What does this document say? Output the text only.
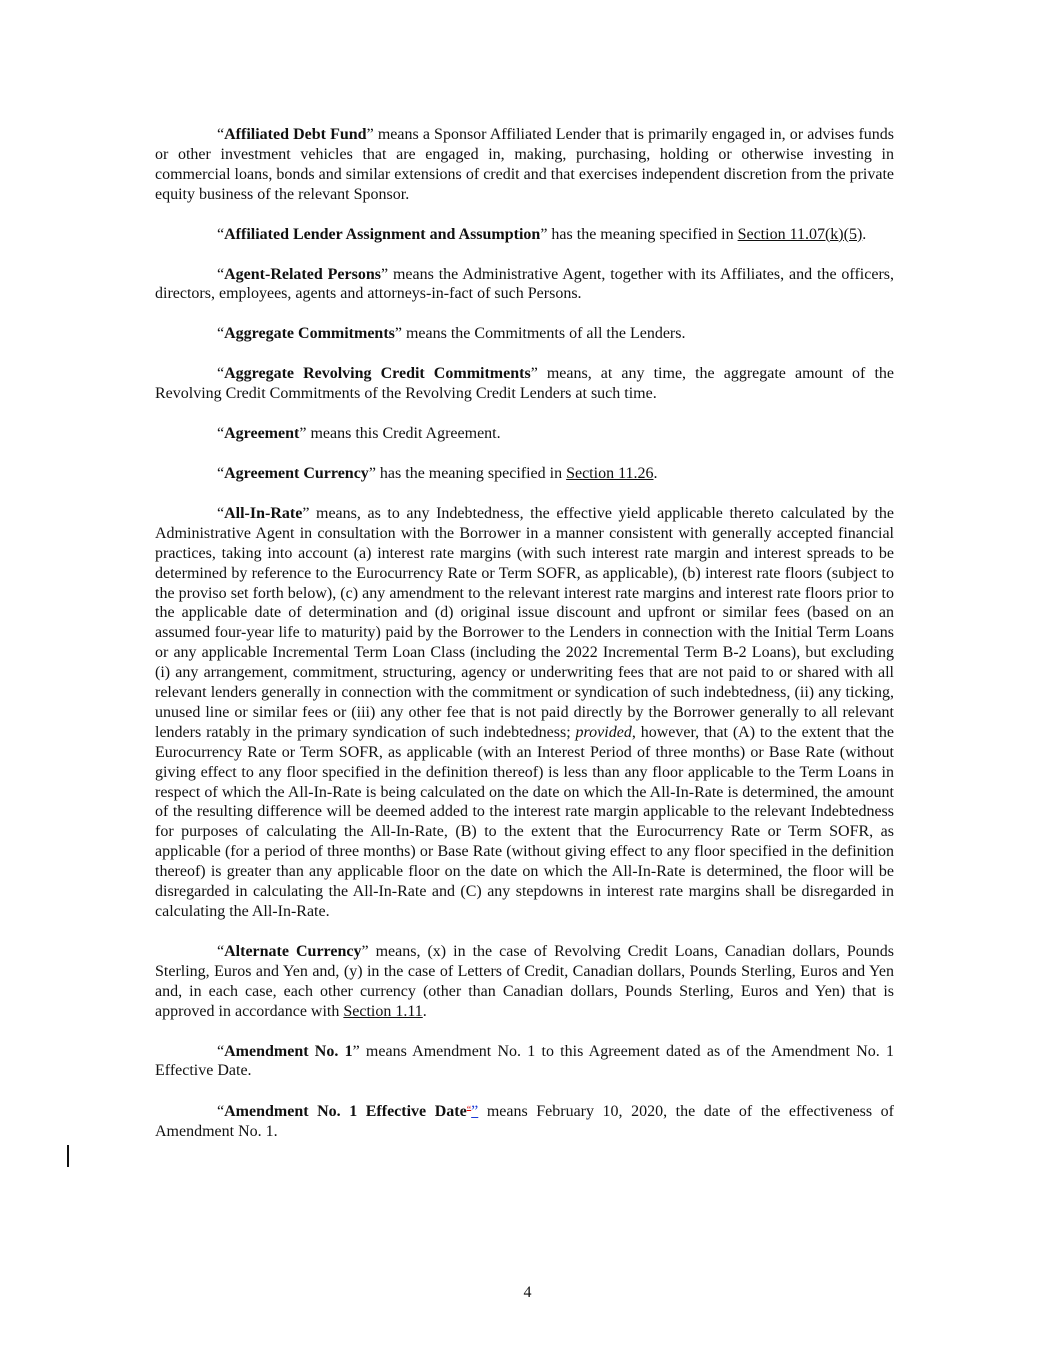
“Affiliated Debt Fund” means a Sponsor Affiliated Lender that is primarily engaged in, or advises funds or other investment vehicles that are engaged in, making, purchasing, holding or otherwise investing in commercial loans, bonds and similar extensions of credit and that exercises independent discretion from the private equity business of the relevant Sponsor.

“Affiliated Lender Assignment and Assumption” has the meaning specified in Section 11.07(k)(5).

“Agent-Related Persons” means the Administrative Agent, together with its Affiliates, and the officers, directors, employees, agents and attorneys-in-fact of such Persons.

“Aggregate Commitments” means the Commitments of all the Lenders.

“Aggregate Revolving Credit Commitments” means, at any time, the aggregate amount of the Revolving Credit Commitments of the Revolving Credit Lenders at such time.

“Agreement” means this Credit Agreement.

“Agreement Currency” has the meaning specified in Section 11.26.

“All-In-Rate” means, as to any Indebtedness, the effective yield applicable thereto calculated by the Administrative Agent in consultation with the Borrower in a manner consistent with generally accepted financial practices, taking into account (a) interest rate margins (with such interest rate margin and interest spreads to be determined by reference to the Eurocurrency Rate or Term SOFR, as applicable), (b) interest rate floors (subject to the proviso set forth below), (c) any amendment to the relevant interest rate margins and interest rate floors prior to the applicable date of determination and (d) original issue discount and upfront or similar fees (based on an assumed four-year life to maturity) paid by the Borrower to the Lenders in connection with the Initial Term Loans or any applicable Incremental Term Loan Class (including the 2022 Incremental Term B-2 Loans), but excluding (i) any arrangement, commitment, structuring, agency or underwriting fees that are not paid to or shared with all relevant lenders generally in connection with the commitment or syndication of such indebtedness, (ii) any ticking, unused line or similar fees or (iii) any other fee that is not paid directly by the Borrower generally to all relevant lenders ratably in the primary syndication of such indebtedness; provided, however, that (A) to the extent that the Eurocurrency Rate or Term SOFR, as applicable (with an Interest Period of three months) or Base Rate (without giving effect to any floor specified in the definition thereof) is less than any floor applicable to the Term Loans in respect of which the All-In-Rate is being calculated on the date on which the All-In-Rate is determined, the amount of the resulting difference will be deemed added to the interest rate margin applicable to the relevant Indebtedness for purposes of calculating the All-In-Rate, (B) to the extent that the Eurocurrency Rate or Term SOFR, as applicable (for a period of three months) or Base Rate (without giving effect to any floor specified in the definition thereof) is greater than any applicable floor on the date on which the All-In-Rate is determined, the floor will be disregarded in calculating the All-In-Rate and (C) any stepdowns in interest rate margins shall be disregarded in calculating the All-In-Rate.

“Alternate Currency” means, (x) in the case of Revolving Credit Loans, Canadian dollars, Pounds Sterling, Euros and Yen and, (y) in the case of Letters of Credit, Canadian dollars, Pounds Sterling, Euros and Yen and, in each case, each other currency (other than Canadian dollars, Pounds Sterling, Euros and Yen) that is approved in accordance with Section 1.11.

“Amendment No. 1” means Amendment No. 1 to this Agreement dated as of the Amendment No. 1 Effective Date.

“Amendment No. 1 Effective Date“” means February 10, 2020, the date of the effectiveness of Amendment No. 1.

4
